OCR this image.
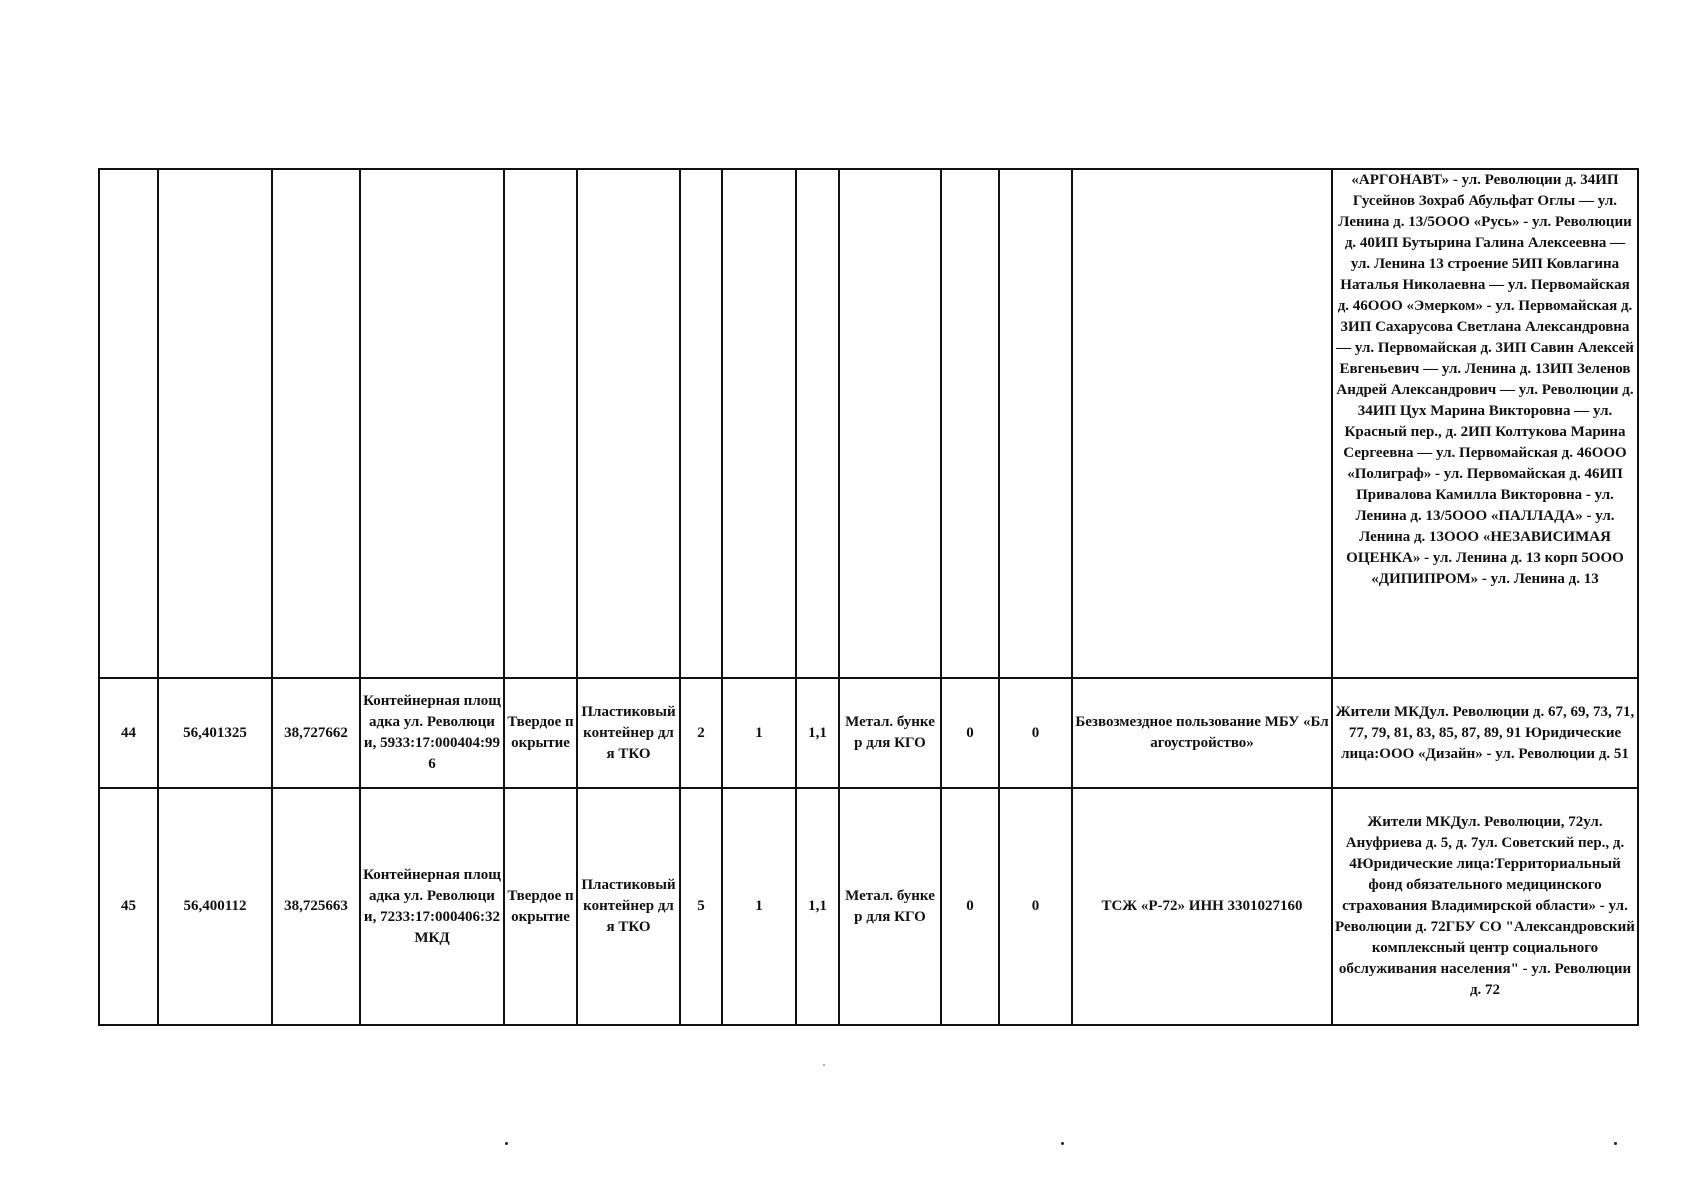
													«АРГОНАВТ» - ул. Революции д. 34ИП Гусейнов Зохраб Абульфат Оглы — ул. Ленина д. 13/5ООО «Русь» - ул. Революции д. 40ИП Бутырина Галина Алексеевна — ул. Ленина 13 строение 5ИП Ковлагина Наталья Николаевна — ул. Первомайская д. 46ООО «Эмерком» - ул. Первомайская д. 3ИП Сахарусова Светлана Александровна — ул. Первомайская д. 3ИП Савин Алексей Евгеньевич — ул. Ленина д. 13ИП Зеленов Андрей Александрович — ул. Революции д. 34ИП Цух Марина Викторовна — ул. Красный пер., д. 2ИП Колтукова Марина Сергеевна — ул. Первомайская д. 46ООО «Полиграф» - ул. Первомайская д. 46ИП Привалова Камилла Викторовна - ул. Ленина д. 13/5ООО «ПАЛЛАДА» - ул. Ленина д. 13ООО «НЕЗАВИСИМАЯ ОЦЕНКА» - ул. Ленина д. 13 корп 5ООО «ДИПИПРОМ» - ул. Ленина д. 13
44	56,401325	38,727662	Контейнерная площадка ул. Революции, 5933:17:000404:996	Твердое покрытие	Пластиковый контейнер для ТКО	2	1	1,1	Метал. бункер для КГО	0	0	Безвозмездное пользование МБУ «Благоустройство»	Жители МКДул. Революции д. 67, 69, 73, 71, 77, 79, 81, 83, 85, 87, 89, 91 Юридические лица:ООО «Дизайн» - ул. Революции д. 51
45	56,400112	38,725663	Контейнерная площадка ул. Революции, 7233:17:000406:32 МКД	Твердое покрытие	Пластиковый контейнер для ТКО	5	1	1,1	Метал. бункер для КГО	0	0	ТСЖ «Р-72» ИНН 3301027160	Жители МКДул. Революции, 72ул. Ануфриева д. 5, д. 7ул. Советский пер., д. 4Юридические лица:Территориальный фонд обязательного медицинского страхования Владимирской области» - ул. Революции д. 72ГБУ СО "Александровский комплексный центр социального обслуживания населения" - ул. Революции д. 72
